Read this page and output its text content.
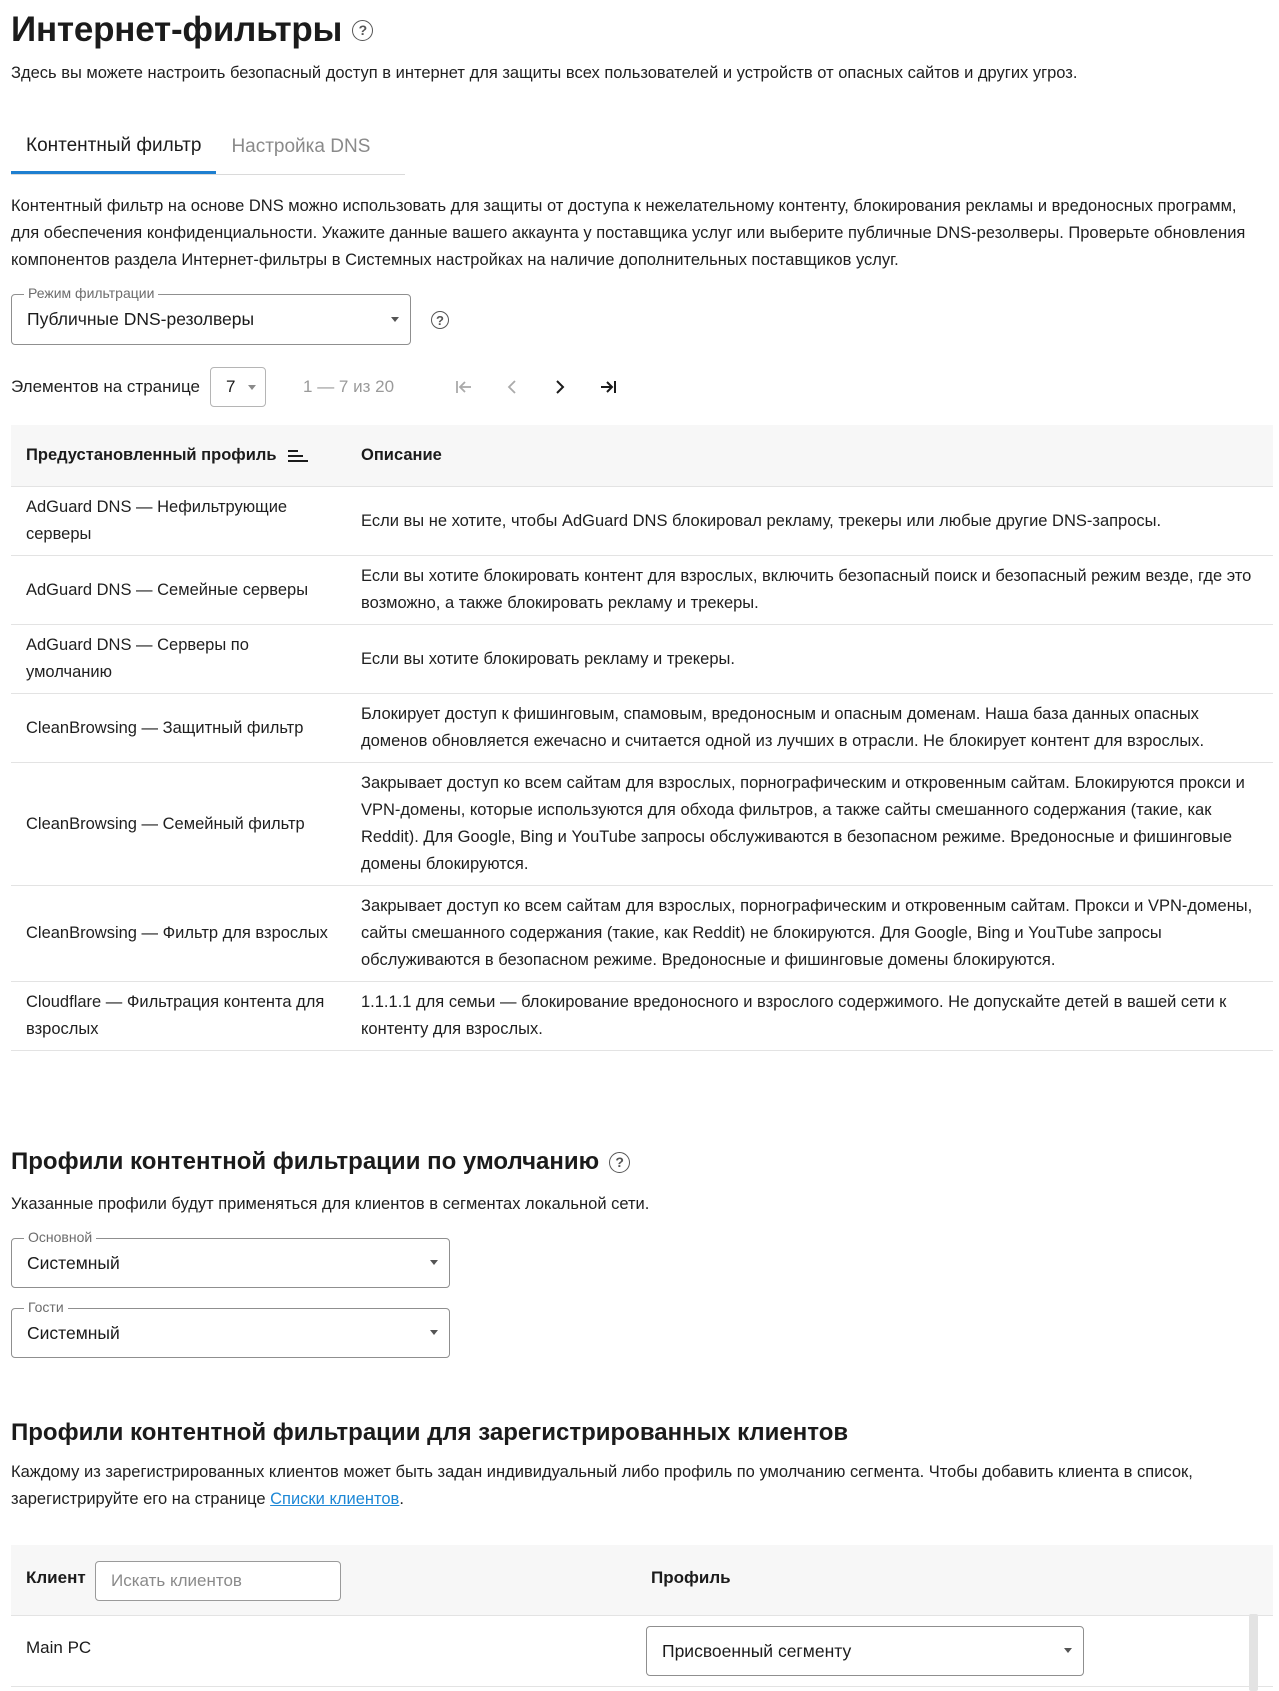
Интернет-фильтры	?
Здесь вы можете настроить безопасный доступ в интернет для защиты всех пользователей и устройств от опасных сайтов и других угроз.
Контентный фильтр	Настройка DNS
Контентный фильтр на основе DNS можно использовать для защиты от доступа к нежелательному контенту, блокирования рекламы и вредоносных программ, для обеспечения конфиденциальности. Укажите данные вашего аккаунта у поставщика услуг или выберите публичные DNS-резолверы. Проверьте обновления компонентов раздела Интернет-фильтры в Системных настройках на наличие дополнительных поставщиков услуг.
Режим фильтрации
Публичные DNS-резолверы	?
Элементов на странице 7	1 — 7 из 20
Предустановленный профиль	Описание
AdGuard DNS — Нефильтрующие серверы	Если вы не хотите, чтобы AdGuard DNS блокировал рекламу, трекеры или любые другие DNS-запросы.
AdGuard DNS — Семейные серверы	Если вы хотите блокировать контент для взрослых, включить безопасный поиск и безопасный режим везде, где это возможно, а также блокировать рекламу и трекеры.
AdGuard DNS — Серверы по умолчанию	Если вы хотите блокировать рекламу и трекеры.
CleanBrowsing — Защитный фильтр	Блокирует доступ к фишинговым, спамовым, вредоносным и опасным доменам. Наша база данных опасных доменов обновляется ежечасно и считается одной из лучших в отрасли. Не блокирует контент для взрослых.
CleanBrowsing — Семейный фильтр	Закрывает доступ ко всем сайтам для взрослых, порнографическим и откровенным сайтам. Блокируются прокси и VPN-домены, которые используются для обхода фильтров, а также сайты смешанного содержания (такие, как Reddit). Для Google, Bing и YouTube запросы обслуживаются в безопасном режиме. Вредоносные и фишинговые домены блокируются.
CleanBrowsing — Фильтр для взрослых	Закрывает доступ ко всем сайтам для взрослых, порнографическим и откровенным сайтам. Прокси и VPN-домены, сайты смешанного содержания (такие, как Reddit) не блокируются. Для Google, Bing и YouTube запросы обслуживаются в безопасном режиме. Вредоносные и фишинговые домены блокируются.
Cloudflare — Фильтрация контента для взрослых	1.1.1.1 для семьи — блокирование вредоносного и взрослого содержимого. Не допускайте детей в вашей сети к контенту для взрослых.
Профили контентной фильтрации по умолчанию	?
Указанные профили будут применяться для клиентов в сегментах локальной сети.
Основной
Системный
Гости
Системный
Профили контентной фильтрации для зарегистрированных клиентов
Каждому из зарегистрированных клиентов может быть задан индивидуальный либо профиль по умолчанию сегмента. Чтобы добавить клиента в список, зарегистрируйте его на странице Списки клиентов.
Клиент
Искать клиентов	Профиль
Main PC	Присвоенный сегменту
